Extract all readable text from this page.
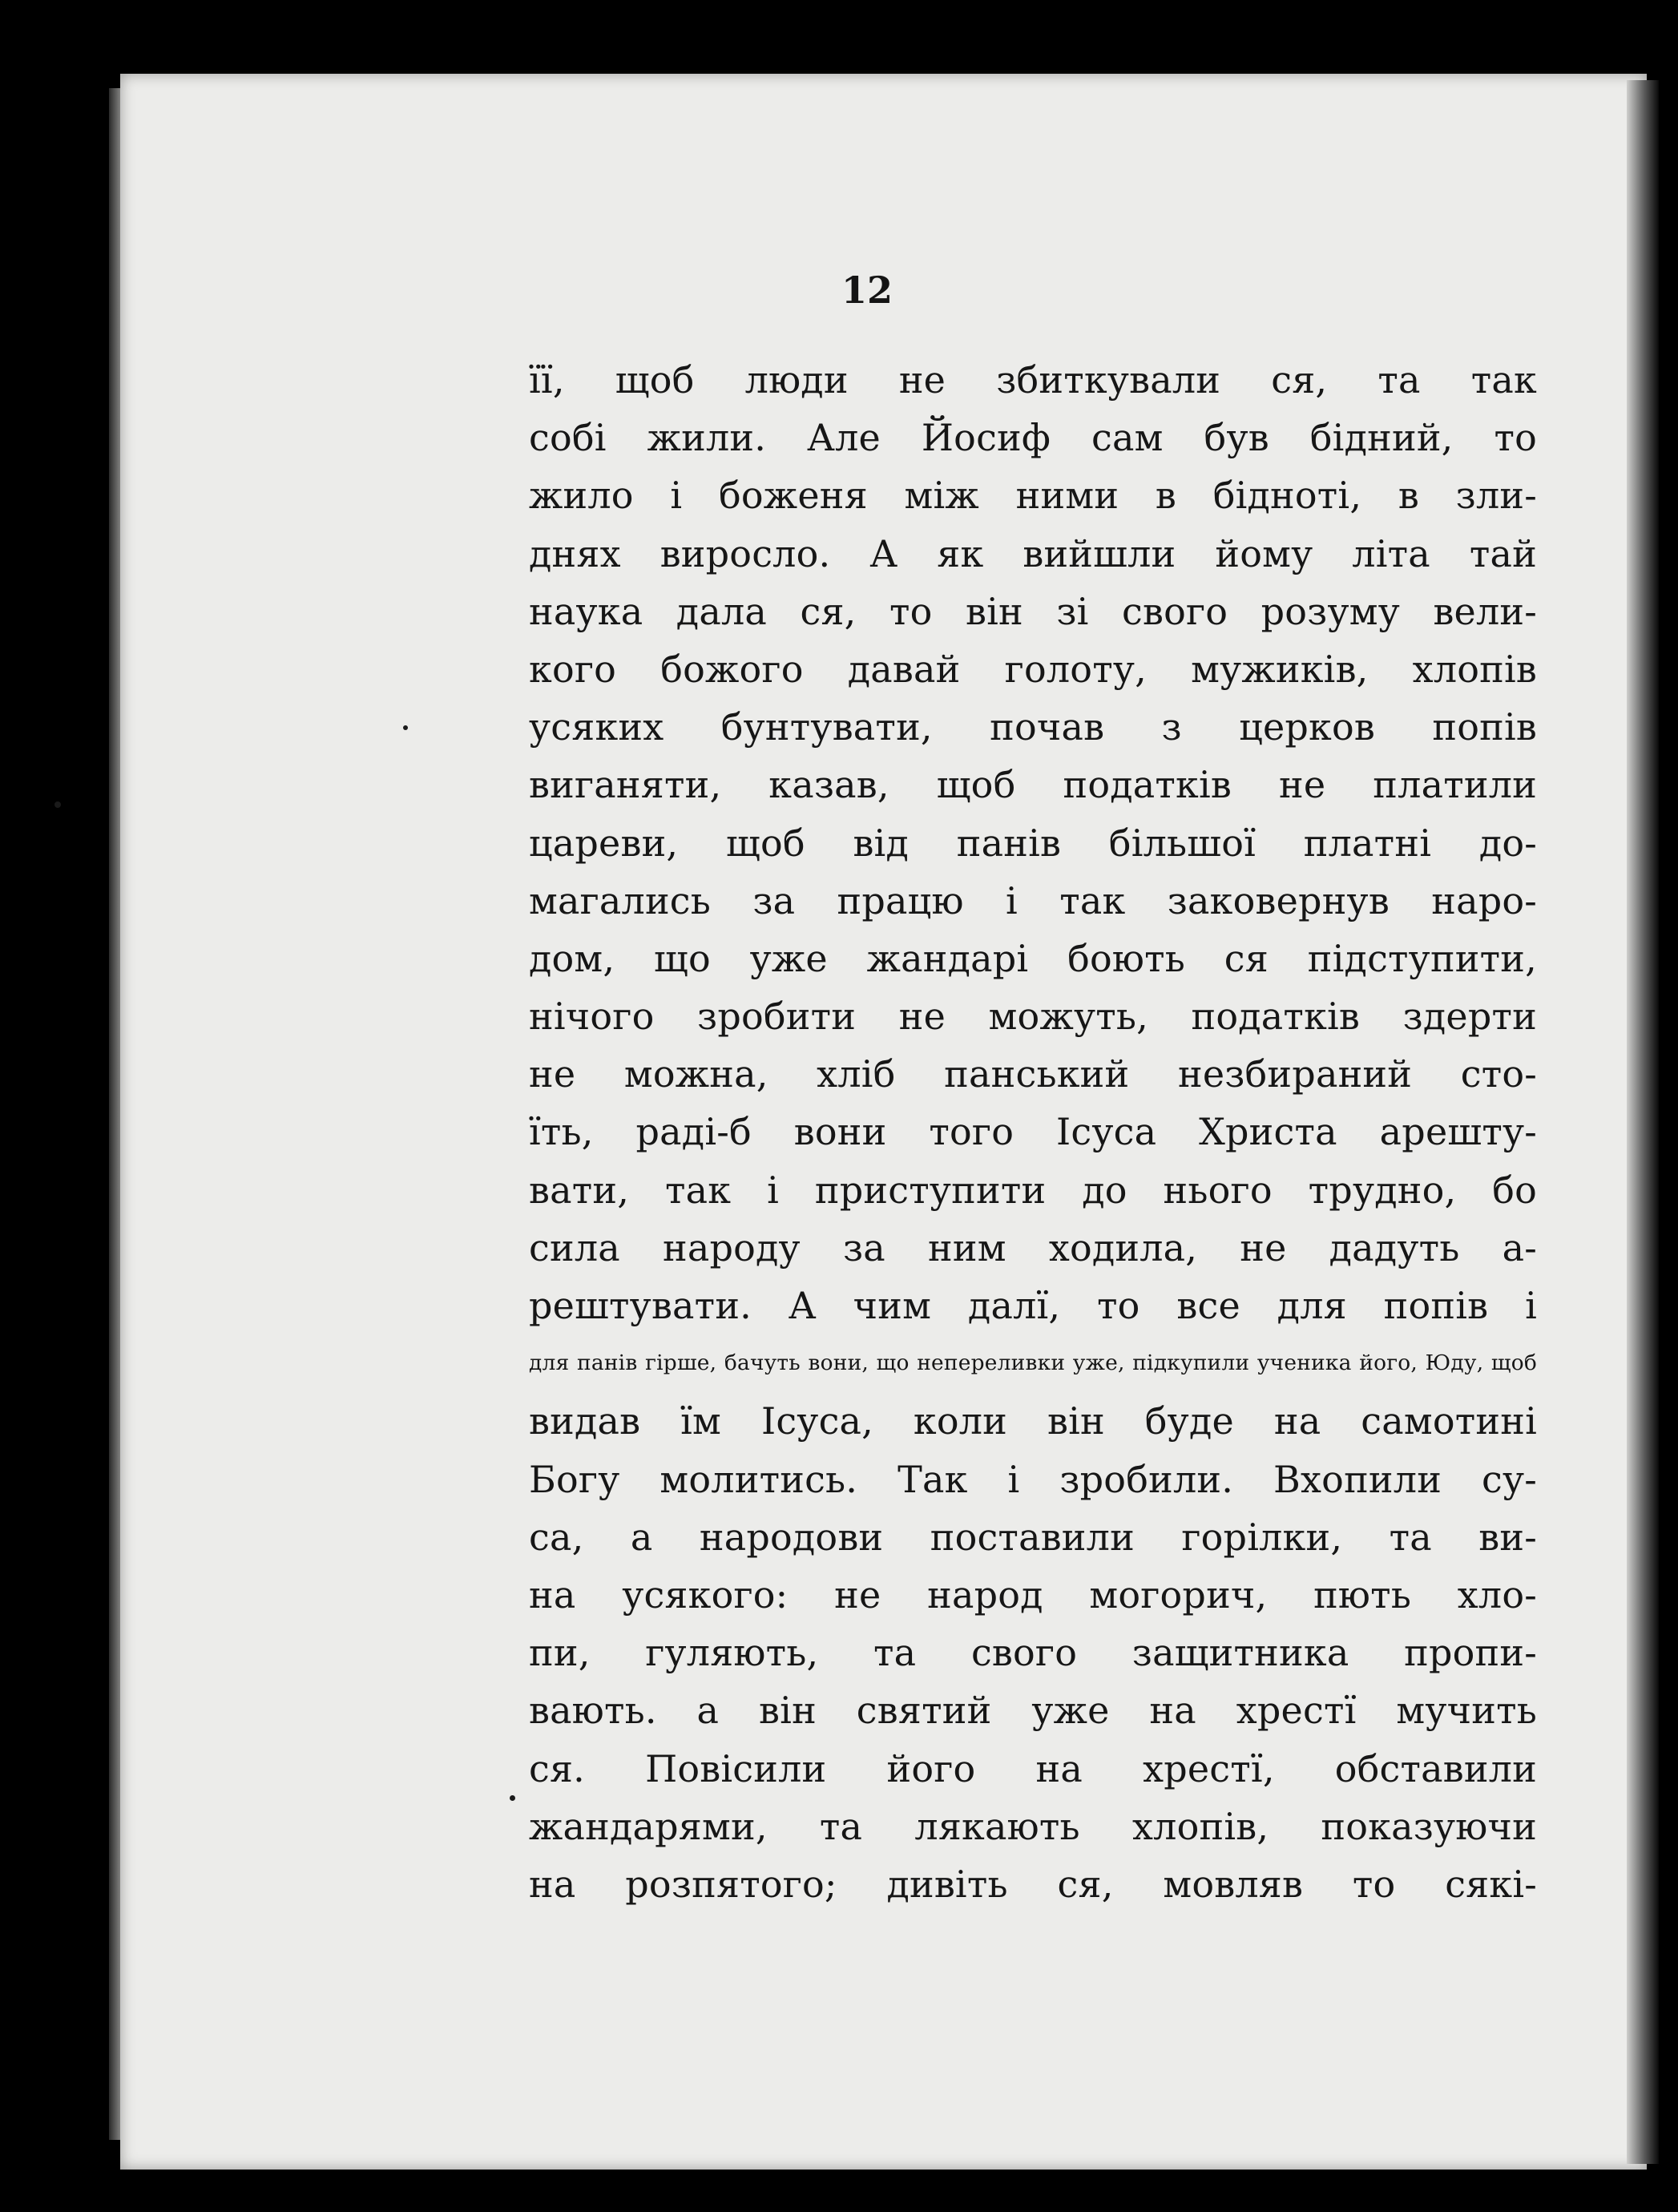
12
її, щоб люди не збиткували ся, та так
собі жили. Але Йосиф сам був бідний, то
жило і боженя між ними в бідноті, в зли-
днях виросло. А як вийшли йому літа тай
наука дала ся, то він зі свого розуму вели-
кого божого давай голоту, мужиків, хлопів
усяких бунтувати, почав з церков попів
виганяти, казав, щоб податків не платили
цареви, щоб від панів більшої платні до-
магались за працю і так заковернув наро-
дом, що уже жандарі боють ся підступити,
нічого зробити не можуть, податків здерти
не можна, хліб панський незбираний сто-
їть, раді-б вони того Ісуса Христа арешту-
вати, так і приступити до нього трудно, бо
сила народу за ним ходила, не дадуть а-
рештувати. А чим далї, то все для попів і
для панів гірше, бачуть вони, що непереливки уже, підкупили ученика його, Юду, щоб
видав їм Ісуса, коли він буде на самотині
Богу молитись. Так і зробили. Вхопили су-
са, а народови поставили горілки, та ви-
на усякого: не народ могорич, пють хло-
пи, гуляють, та свого защитника пропи-
вають. а він святий уже на хрестї мучить
ся. Повісили його на хрестї, обставили
жандарями, та лякають хлопів, показуючи
на розпятого; дивіть ся, мовляв то сякі-
